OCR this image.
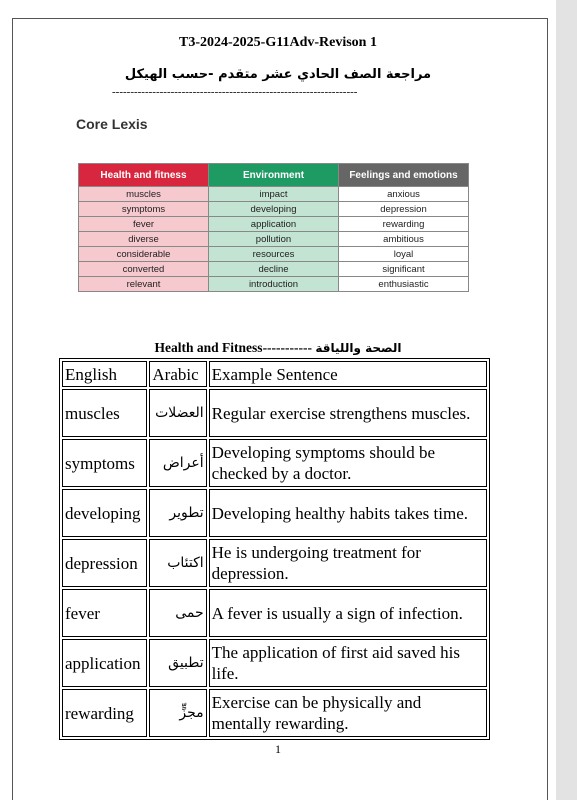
T3-2024-2025-G11Adv-Revison 1
مراجعة الصف الحادي عشر متقدم -حسب الهيكل
-------------------------------------------------------------------
Core Lexis
Health and fitness	Environment	Feelings and emotions
muscles	impact	anxious
symptoms	developing	depression
fever	application	rewarding
diverse	pollution	ambitious
considerable	resources	loyal
converted	decline	significant
relevant	introduction	enthusiastic
Health and Fitness----------- الصحة واللياقة
English	Arabic	Example Sentence
muscles	العضلات	Regular exercise strengthens muscles.
symptoms	أعراض	Developing symptoms should be checked by a doctor.
developing	تطوير	Developing healthy habits takes time.
depression	اكتئاب	He is undergoing treatment for depression.
fever	حمى	A fever is usually a sign of infection.
application	تطبيق	The application of first aid saved his life.
rewarding	مجزٍّ	Exercise can be physically and mentally rewarding.
1
